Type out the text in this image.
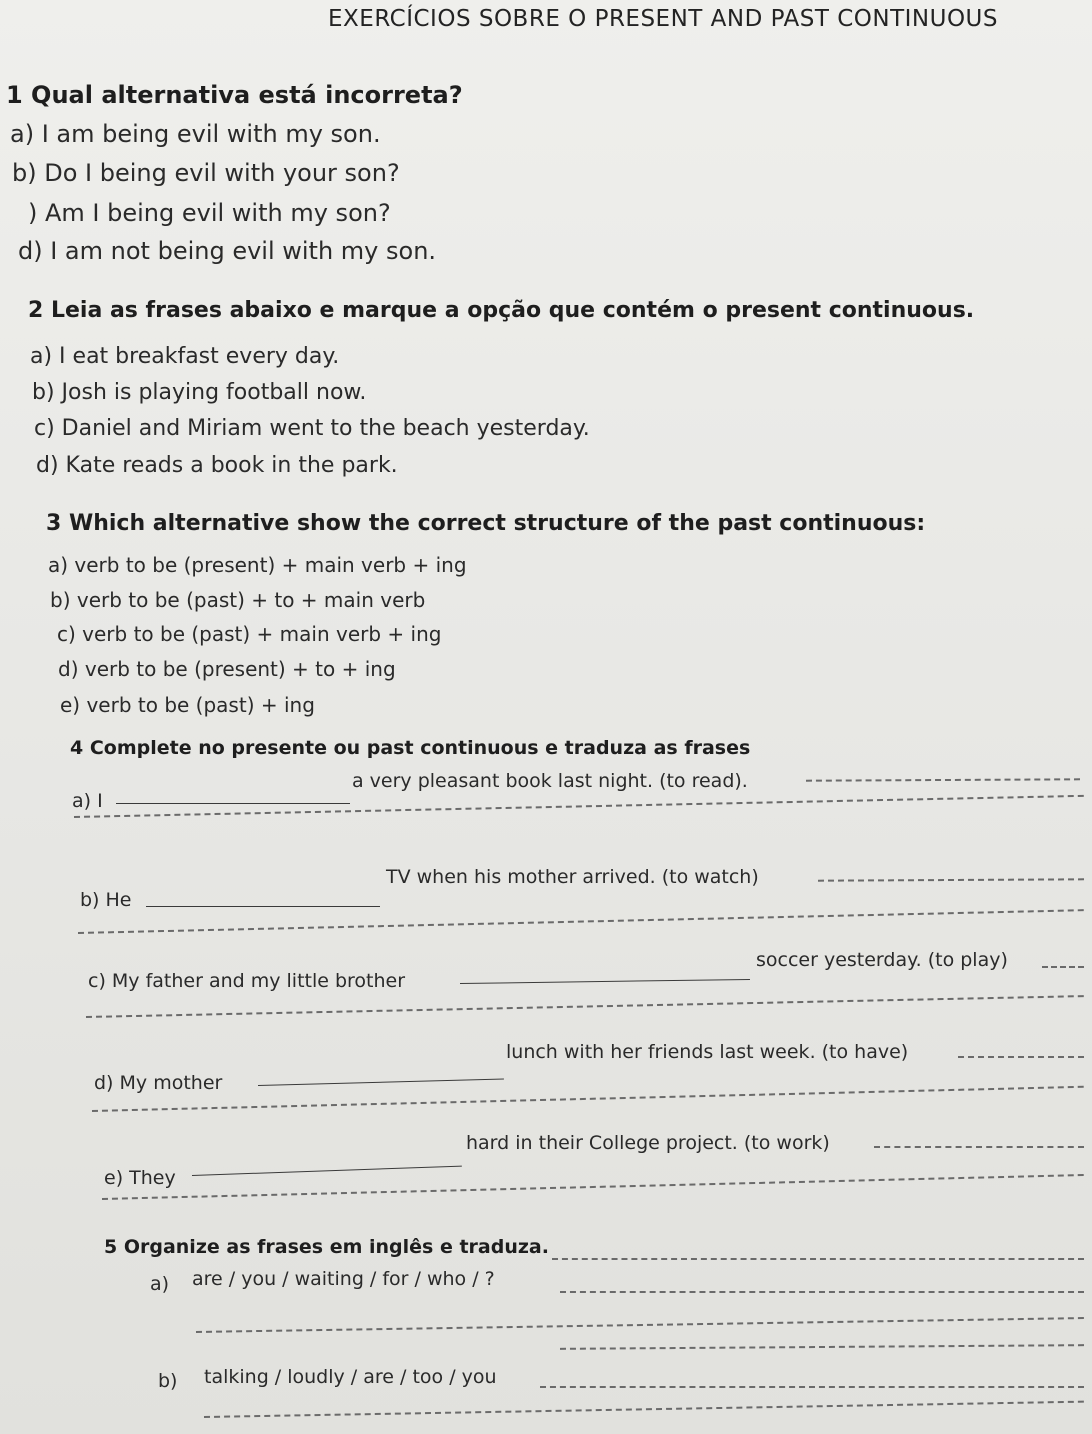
EXERCÍCIOS SOBRE O PRESENT AND PAST CONTINUOUS
1 Qual alternativa está incorreta?
a) I am being evil with my son.
b) Do I being evil with your son?
) Am I being evil with my son?
d) I am not being evil with my son.
2 Leia as frases abaixo e marque a opção que contém o present continuous.
a) I eat breakfast every day.
b) Josh is playing football now.
c) Daniel and Miriam went to the beach yesterday.
d) Kate reads a book in the park.
3 Which alternative show the correct structure of the past continuous:
a) verb to be (present) + main verb + ing
b) verb to be (past) + to + main verb
c) verb to be (past) + main verb + ing
d) verb to be (present) + to + ing
e) verb to be (past) + ing
4 Complete no presente ou past continuous e traduza as frases
a) I
a very pleasant book last night. (to read).
b) He
TV when his mother arrived. (to watch)
c) My father and my little brother
soccer yesterday. (to play)
d) My mother
lunch with her friends last week. (to have)
e) They
hard in their College project. (to work)
5 Organize as frases em inglês e traduza.
a) are / you / waiting / for / who / ?
b) talking / loudly / are / too / you
